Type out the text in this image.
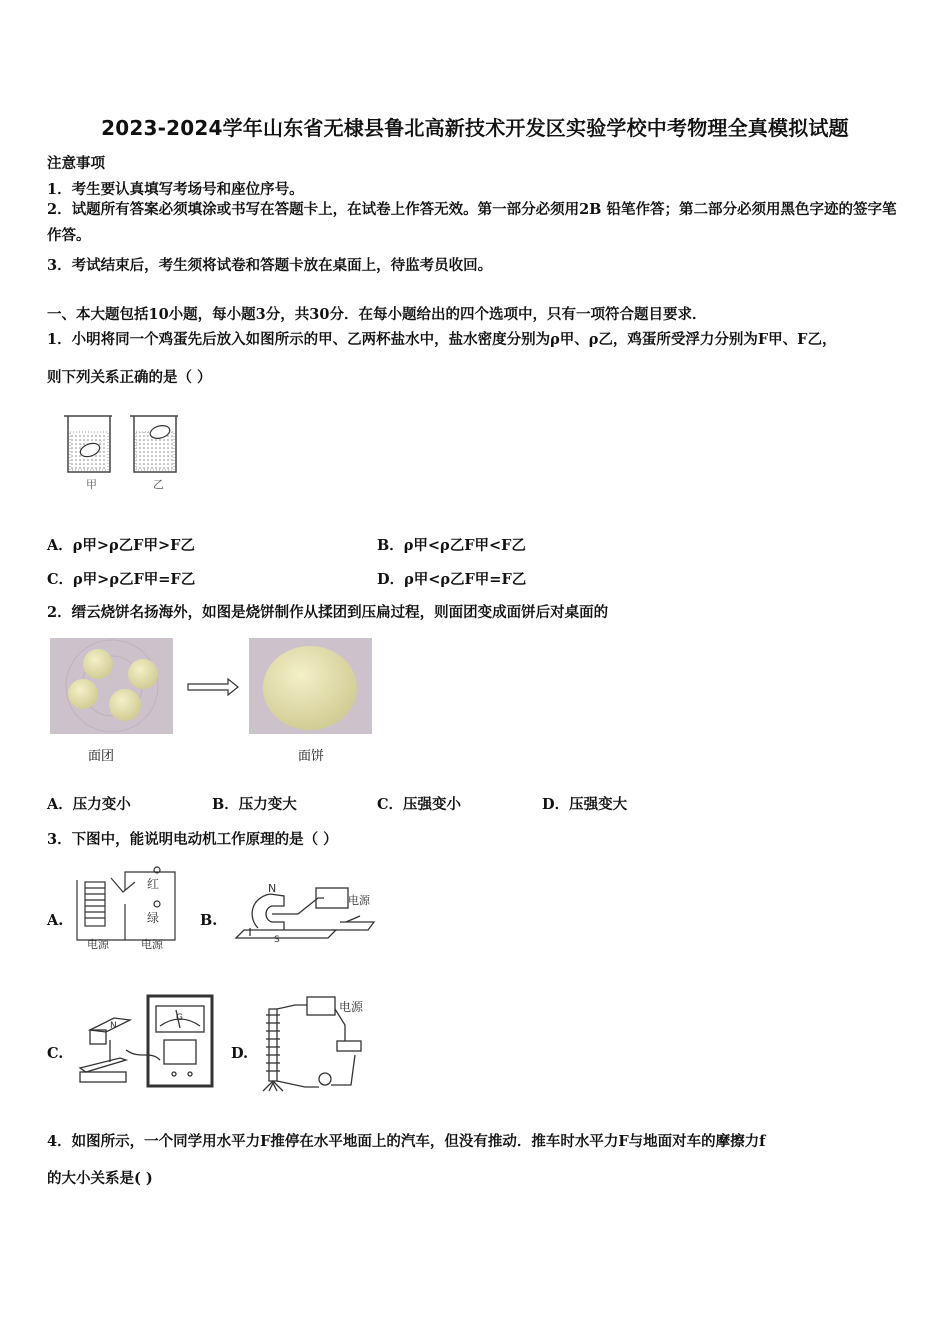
2023-2024学年山东省无棣县鲁北高新技术开发区实验学校中考物理全真模拟试题
注意事项
1．考生要认真填写考场号和座位序号。
2．试题所有答案必须填涂或书写在答题卡上，在试卷上作答无效。第一部分必须用2B 铅笔作答；第二部分必须用黑色字迹的签字笔作答。
3．考试结束后，考生须将试卷和答题卡放在桌面上，待监考员收回。
一、本大题包括10小题，每小题3分，共30分．在每小题给出的四个选项中，只有一项符合题目要求．
1．小明将同一个鸡蛋先后放入如图所示的甲、乙两杯盐水中，盐水密度分别为ρ甲、ρ乙，鸡蛋所受浮力分别为F甲、F乙，
则下列关系正确的是（ ）
甲	乙
A．ρ甲>ρ乙F甲>F乙	B．ρ甲<ρ乙F甲<F乙
C．ρ甲>ρ乙F甲=F乙	D．ρ甲<ρ乙F甲=F乙
2．缙云烧饼名扬海外，如图是烧饼制作从揉团到压扁过程，则面团变成面饼后对桌面的
面团	面饼
A．压力变小	B．压力变大	C．压强变小	D．压强变大
3．下图中，能说明电动机工作原理的是（ ）
A.
红
绿
电源	电源
B.
N
S
电源
C.
G
N
D.
电源
4．如图所示，一个同学用水平力F推停在水平地面上的汽车，但没有推动．推车时水平力F与地面对车的摩擦力f
的大小关系是( )
